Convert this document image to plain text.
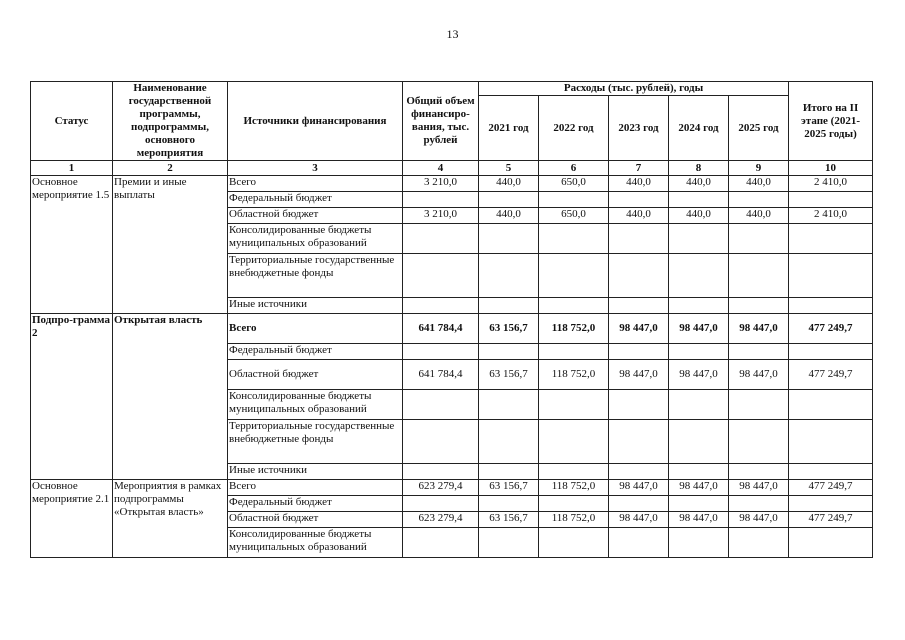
13
Статус	Наименование государственной программы, подпрограммы, основного мероприятия	Источники финансирования	Общий объем финансиро-вания, тыс. рублей	Расходы (тыс. рублей), годы					Итого на II этапе (2021-2025 годы)
				2021 год	2022 год	2023 год	2024 год	2025 год	
1	2	3	4	5	6	7	8	9	10
Основное мероприятие 1.5	Премии и иные выплаты	Всего	3 210,0	440,0	650,0	440,0	440,0	440,0	2 410,0
		Федеральный бюджет							
		Областной бюджет	3 210,0	440,0	650,0	440,0	440,0	440,0	2 410,0
		Консолидированные бюджеты муниципальных образований							
		Территориальные государственные внебюджетные фонды							
		Иные источники							
Подпро-грамма 2	Открытая власть	Всего	641 784,4	63 156,7	118 752,0	98 447,0	98 447,0	98 447,0	477 249,7
		Федеральный бюджет							
		Областной бюджет	641 784,4	63 156,7	118 752,0	98 447,0	98 447,0	98 447,0	477 249,7
		Консолидированные бюджеты муниципальных образований							
		Территориальные государственные внебюджетные фонды							
		Иные источники							
Основное мероприятие 2.1	Мероприятия в рамках подпрограммы «Открытая власть»	Всего	623 279,4	63 156,7	118 752,0	98 447,0	98 447,0	98 447,0	477 249,7
		Федеральный бюджет							
		Областной бюджет	623 279,4	63 156,7	118 752,0	98 447,0	98 447,0	98 447,0	477 249,7
		Консолидированные бюджеты муниципальных образований							
